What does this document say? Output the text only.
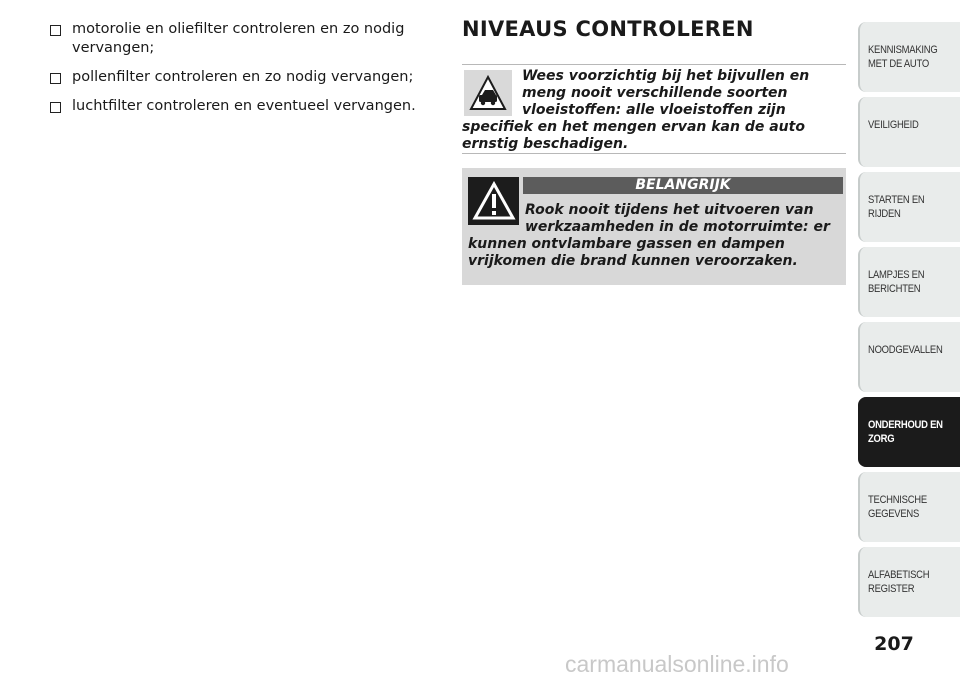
motorolie en oliefilter controleren en zo nodig vervangen;
pollenfilter controleren en zo nodig vervangen;
luchtfilter controleren en eventueel vervangen.
NIVEAUS CONTROLEREN

Wees voorzichtig bij het bijvullen en meng nooit verschillende soorten vloeistoffen: alle vloeistoffen zijn specifiek en het mengen ervan kan de auto ernstig beschadigen.

BELANGRIJK

Rook nooit tijdens het uitvoeren van werkzaamheden in de motorruimte: er kunnen ontvlambare gassen en dampen vrijkomen die brand kunnen veroorzaken.

KENNISMAKING MET DE AUTO
VEILIGHEID
STARTEN EN RIJDEN
LAMPJES EN BERICHTEN
NOODGEVALLEN
ONDERHOUD EN ZORG
TECHNISCHE GEGEVENS
ALFABETISCH REGISTER
207
carmanualsonline.info
